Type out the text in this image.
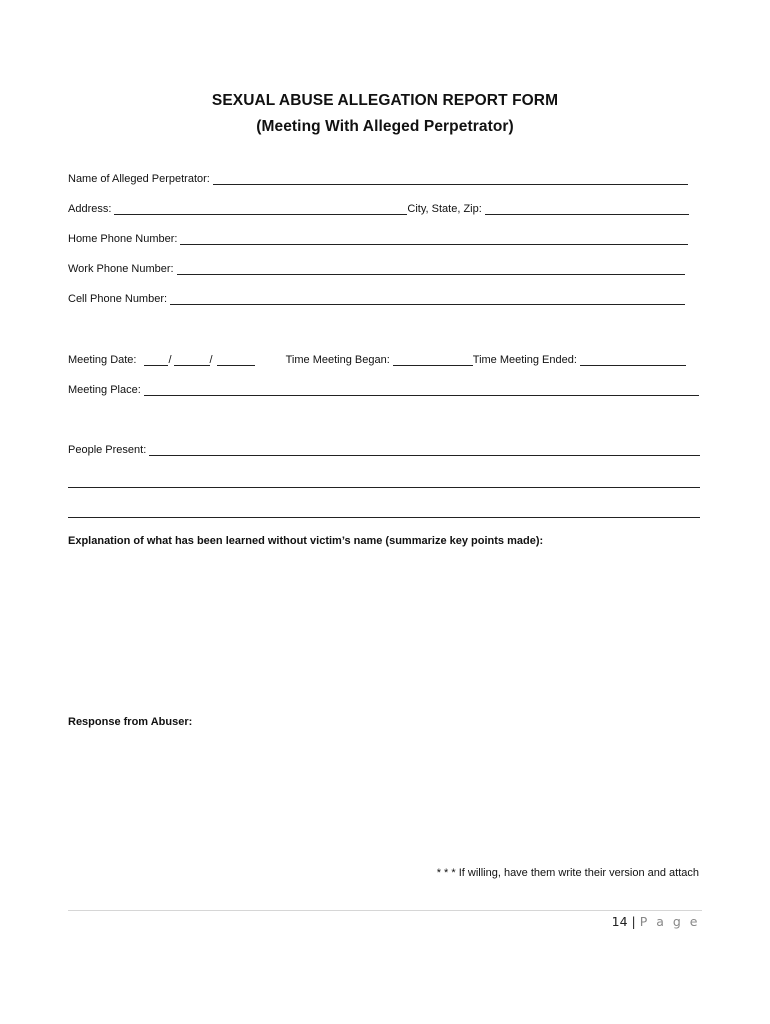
SEXUAL ABUSE ALLEGATION REPORT FORM
(Meeting With Alleged Perpetrator)
Name of Alleged Perpetrator:
Address:	City, State, Zip:
Home Phone Number:
Work Phone Number:
Cell Phone Number:
Meeting Date:	/	/	Time Meeting Began:	Time Meeting Ended:
Meeting Place:
People Present:
Explanation of what has been learned without victim’s name (summarize key points made):
Response from Abuser:
* * * If willing, have them write their version and attach
14 | P a g e
